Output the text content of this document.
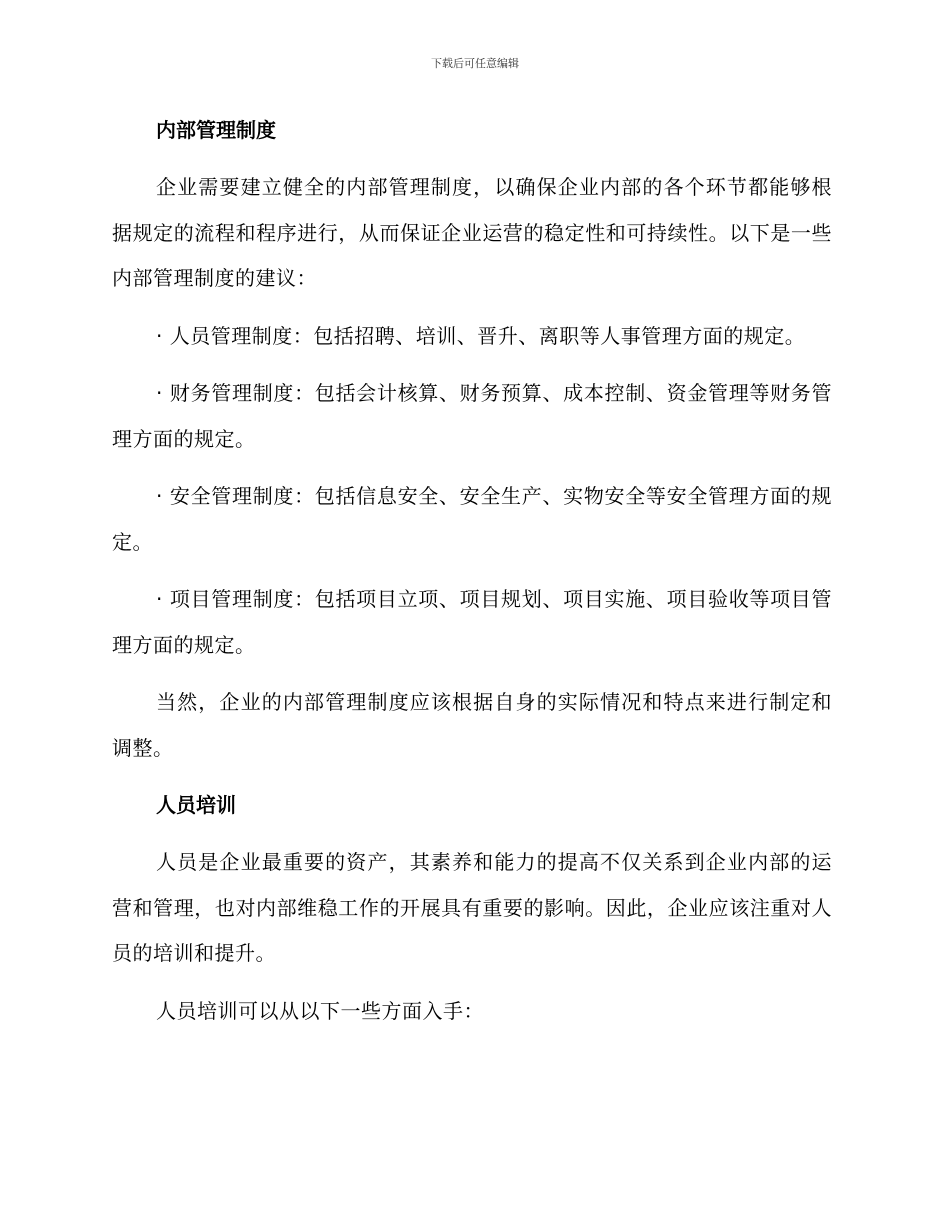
下载后可任意编辑
内部管理制度

企业需要建立健全的内部管理制度，以确保企业内部的各个环节都能够根据规定的流程和程序进行，从而保证企业运营的稳定性和可持续性。以下是一些内部管理制度的建议：

· 人员管理制度：包括招聘、培训、晋升、离职等人事管理方面的规定。

· 财务管理制度：包括会计核算、财务预算、成本控制、资金管理等财务管理方面的规定。

· 安全管理制度：包括信息安全、安全生产、实物安全等安全管理方面的规定。

· 项目管理制度：包括项目立项、项目规划、项目实施、项目验收等项目管理方面的规定。

当然，企业的内部管理制度应该根据自身的实际情况和特点来进行制定和调整。

人员培训

人员是企业最重要的资产，其素养和能力的提高不仅关系到企业内部的运营和管理，也对内部维稳工作的开展具有重要的影响。因此，企业应该注重对人员的培训和提升。

人员培训可以从以下一些方面入手：
